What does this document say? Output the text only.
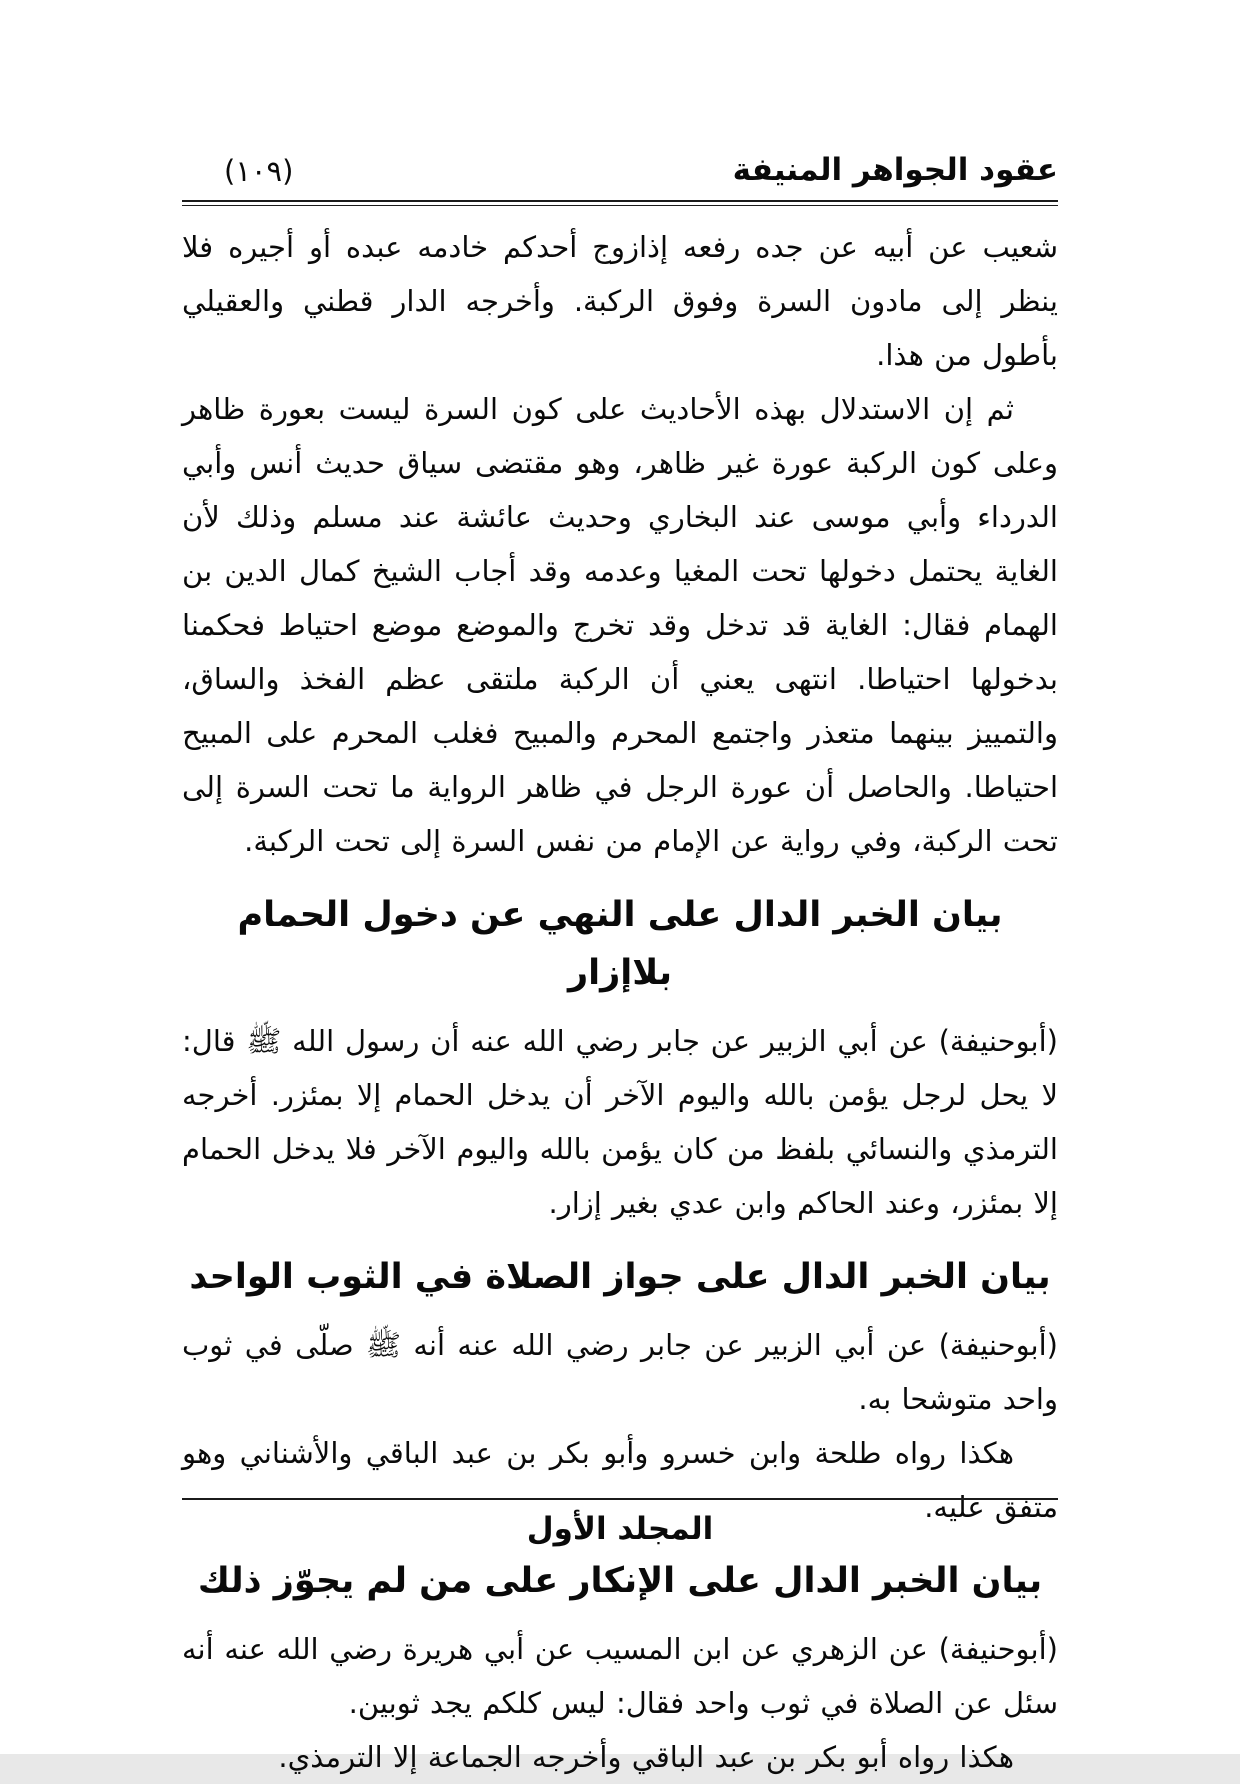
عقود الجواهر المنيفة
(١٠٩)

شعيب عن أبيه عن جده رفعه إذازوج أحدكم خادمه عبده أو أجيره فلا ينظر إلى مادون السرة وفوق الركبة. وأخرجه الدار قطني والعقيلي بأطول من هذا.

ثم إن الاستدلال بهذه الأحاديث على كون السرة ليست بعورة ظاهر وعلى كون الركبة عورة غير ظاهر، وهو مقتضى سياق حديث أنس وأبي الدرداء وأبي موسى عند البخاري وحديث عائشة عند مسلم وذلك لأن الغاية يحتمل دخولها تحت المغيا وعدمه وقد أجاب الشيخ كمال الدين بن الهمام فقال: الغاية قد تدخل وقد تخرج والموضع موضع احتياط فحكمنا بدخولها احتياطا. انتهى يعني أن الركبة ملتقى عظم الفخذ والساق، والتمييز بينهما متعذر واجتمع المحرم والمبيح فغلب المحرم على المبيح احتياطا. والحاصل أن عورة الرجل في ظاهر الرواية ما تحت السرة إلى تحت الركبة، وفي رواية عن الإمام من نفس السرة إلى تحت الركبة.

بيان الخبر الدال على النهي عن دخول الحمام بلاإزار

(أبوحنيفة) عن أبي الزبير عن جابر رضي الله عنه أن رسول الله ﷺ قال: لا يحل لرجل يؤمن بالله واليوم الآخر أن يدخل الحمام إلا بمئزر. أخرجه الترمذي والنسائي بلفظ من كان يؤمن بالله واليوم الآخر فلا يدخل الحمام إلا بمئزر، وعند الحاكم وابن عدي بغير إزار.

بيان الخبر الدال على جواز الصلاة في الثوب الواحد

(أبوحنيفة) عن أبي الزبير عن جابر رضي الله عنه أنه ﷺ صلّى في ثوب واحد متوشحا به.

هكذا رواه طلحة وابن خسرو وأبو بكر بن عبد الباقي والأشناني وهو متفق عليه.

بيان الخبر الدال على الإنكار على من لم يجوّز ذلك

(أبوحنيفة) عن الزهري عن ابن المسيب عن أبي هريرة رضي الله عنه أنه سئل عن الصلاة في ثوب واحد فقال: ليس كلكم يجد ثوبين.

هكذا رواه أبو بكر بن عبد الباقي وأخرجه الجماعة إلا الترمذي.

المجلد الأول
